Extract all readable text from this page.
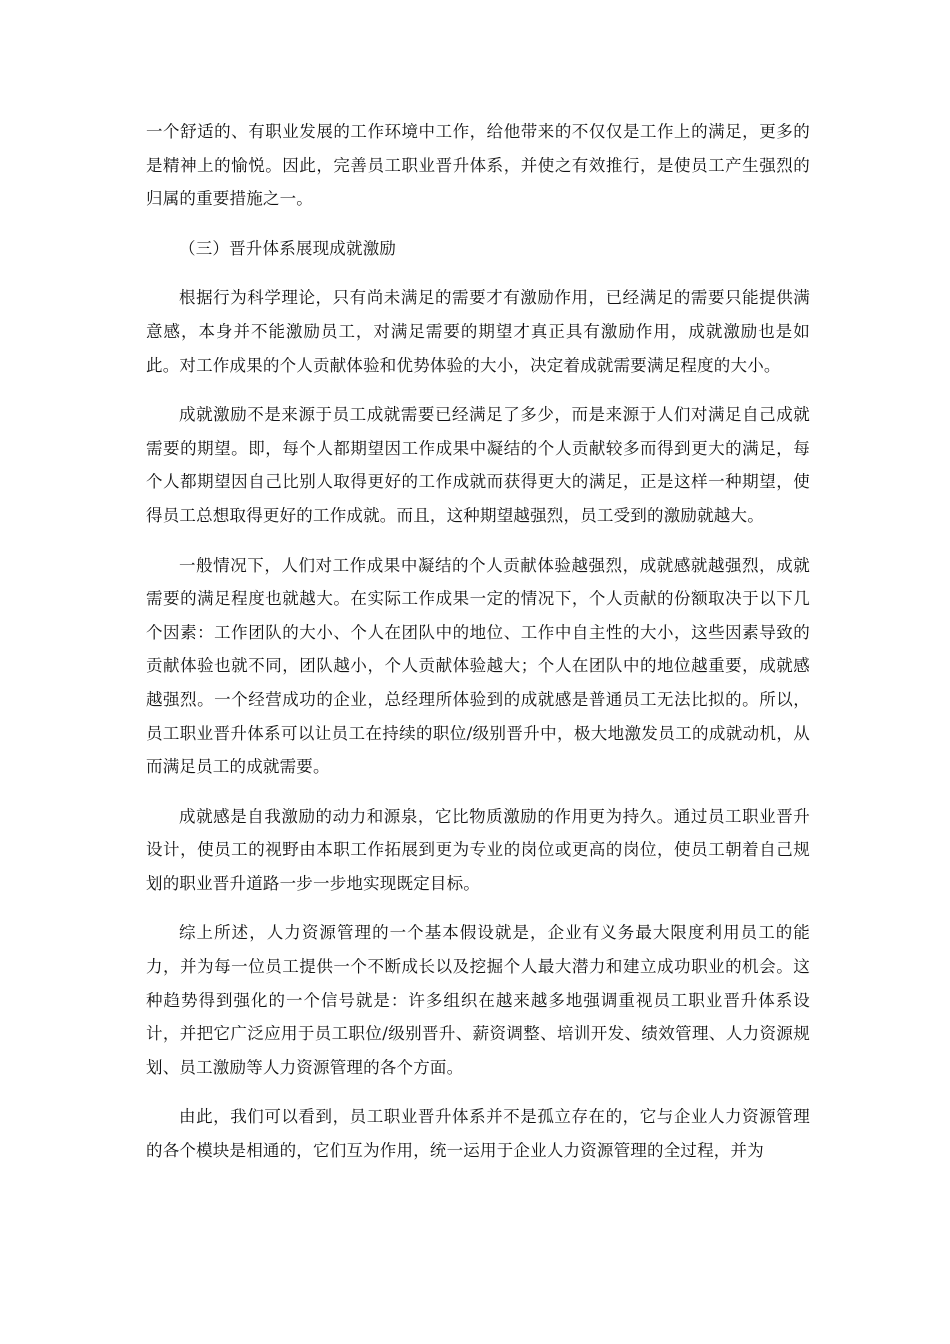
一个舒适的、有职业发展的工作环境中工作，给他带来的不仅仅是工作上的满足，更多的是精神上的愉悦。因此，完善员工职业晋升体系，并使之有效推行，是使员工产生强烈的归属的重要措施之一。

（三）晋升体系展现成就激励

根据行为科学理论，只有尚未满足的需要才有激励作用，已经满足的需要只能提供满意感，本身并不能激励员工，对满足需要的期望才真正具有激励作用，成就激励也是如此。对工作成果的个人贡献体验和优势体验的大小，决定着成就需要满足程度的大小。

成就激励不是来源于员工成就需要已经满足了多少，而是来源于人们对满足自己成就需要的期望。即，每个人都期望因工作成果中凝结的个人贡献较多而得到更大的满足，每个人都期望因自己比别人取得更好的工作成就而获得更大的满足，正是这样一种期望，使得员工总想取得更好的工作成就。而且，这种期望越强烈，员工受到的激励就越大。

一般情况下，人们对工作成果中凝结的个人贡献体验越强烈，成就感就越强烈，成就需要的满足程度也就越大。在实际工作成果一定的情况下，个人贡献的份额取决于以下几个因素：工作团队的大小、个人在团队中的地位、工作中自主性的大小，这些因素导致的贡献体验也就不同，团队越小，个人贡献体验越大；个人在团队中的地位越重要，成就感越强烈。一个经营成功的企业，总经理所体验到的成就感是普通员工无法比拟的。所以，员工职业晋升体系可以让员工在持续的职位/级别晋升中，极大地激发员工的成就动机，从而满足员工的成就需要。

成就感是自我激励的动力和源泉，它比物质激励的作用更为持久。通过员工职业晋升设计，使员工的视野由本职工作拓展到更为专业的岗位或更高的岗位，使员工朝着自己规划的职业晋升道路一步一步地实现既定目标。

综上所述，人力资源管理的一个基本假设就是，企业有义务最大限度利用员工的能力，并为每一位员工提供一个不断成长以及挖掘个人最大潜力和建立成功职业的机会。这种趋势得到强化的一个信号就是：许多组织在越来越多地强调重视员工职业晋升体系设计，并把它广泛应用于员工职位/级别晋升、薪资调整、培训开发、绩效管理、人力资源规划、员工激励等人力资源管理的各个方面。

由此，我们可以看到，员工职业晋升体系并不是孤立存在的，它与企业人力资源管理的各个模块是相通的，它们互为作用，统一运用于企业人力资源管理的全过程，并为
